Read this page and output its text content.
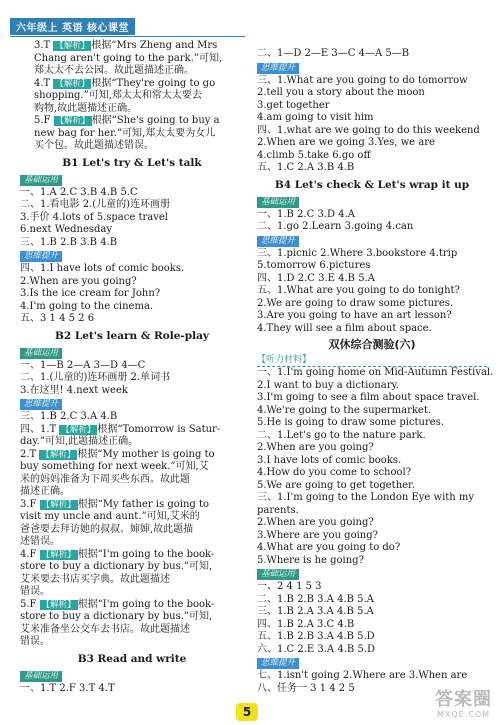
六年级上 英语 核心课堂
3.T 【解析】 根据“Mrs Zheng and Mrs
Chang aren't going to the park.”可知,
郑太太不去公园。故此题描述正确。
4.T 【解析】 根据“They're going to go
shopping.”可知,郑太太和常太太要去
购物,故此题描述正确。
5.F 【解析】 根据“She's going to buy a
new bag for her.”可知,郑太太要为女儿
买个包。故此题描述错误。
B1 Let's try & Let's talk
基础运用
一、1.A 2.C 3.B 4.B 5.C
二、1.看电影 2.(儿童的)连环画册
3.手价 4.lots of 5.space travel
6.next Wednesday
三、1.B 2.B 3.B 4.B
思维提升
四、1.I have lots of comic books.
2.When are you going?
3.Is the ice cream for John?
4.I'm going to the cinema.
五、3 1 4 5 2 6
B2 Let's learn & Role-play
基础运用
一、1—B 2—A 3—D 4—C
二、1.(儿童的)连环画册 2.单词书
3.在这里! 4.next week
思维提升
三、1.B 2.C 3.A 4.B
四、1.T 【解析】 根据“Tomorrow is Satur-
day.”可知,此题描述正确。
2.T 【解析】 根据“My mother is going to
buy something for next week.”可知,艾
米的妈妈准备为下周买些东西。故此题
描述正确。
3.F 【解析】 根据“My father is going to
visit my uncle and aunt.”可知,艾米的
爸爸要去拜访她的叔叔、婶婶,故此题描
述错误。
4.F 【解析】 根据“I'm going to the book-
store to buy a dictionary by bus.”可知,
艾米要去书店买字典。故此题描述
错误。
5.F 【解析】 根据“I'm going to the book-
store to buy a dictionary by bus.”可知,
艾米准备坐公交车去书店。故此题描述
错误。
B3 Read and write
基础运用
一、1.T 2.F 3.T 4.T
二、1—D 2—E 3—C 4—A 5—B
思维提升
三、1.What are you going to do tomorrow
2.tell you a story about the moon
3.get together
4.am going to visit him
四、1.what are we going to do this weekend
2.When are we going 3.Yes, we are
4.climb 5.take 6.go off
五、1.C 2.A 3.B 4.B
B4 Let's check & Let's wrap it up
基础运用
一、1.B 2.C 3.D 4.A
二、1.go 2.Learn 3.going 4.can
思维提升
三、1.picnic 2.Where 3.bookstore 4.trip
5.tomorrow 6.pictures
四、1.D 2.C 3.E 4.B 5.A
五、1.What are you going to do tonight?
2.We are going to draw some pictures.
3.Are you going to have an art lesson?
4.They will see a film about space.
双休综合测验(六)
【听力材料】
一、1.I'm going home on Mid-Autumn Festival.
2.I want to buy a dictionary.
3.I'm going to see a film about space travel.
4.We're going to the supermarket.
5.He is going to draw some pictures.
二、1.Let's go to the nature park.
2.When are you going?
3.I have lots of comic books.
4.How do you come to school?
5.We are going to get together.
三、1.I'm going to the London Eye with my
parents.
2.When are you going?
3.Where are you going?
4.What are you going to do?
5.Where is he going?
基础运用
一、2 4 1 5 3
二、1.B 2.B 3.A 4.B 5.A
三、1.B 2.A 3.A 4.B 5.A
四、1.B 2.A 3.C 4.B
五、1.B 2.B 3.A 4.B 5.D
六、1.C 2.E 3.A 4.B 5.D
思维提升
七、1.isn't going 2.Where are 3.When are
八、任务一 3 1 4 2 5
5
答案圈
MXQE.COM
